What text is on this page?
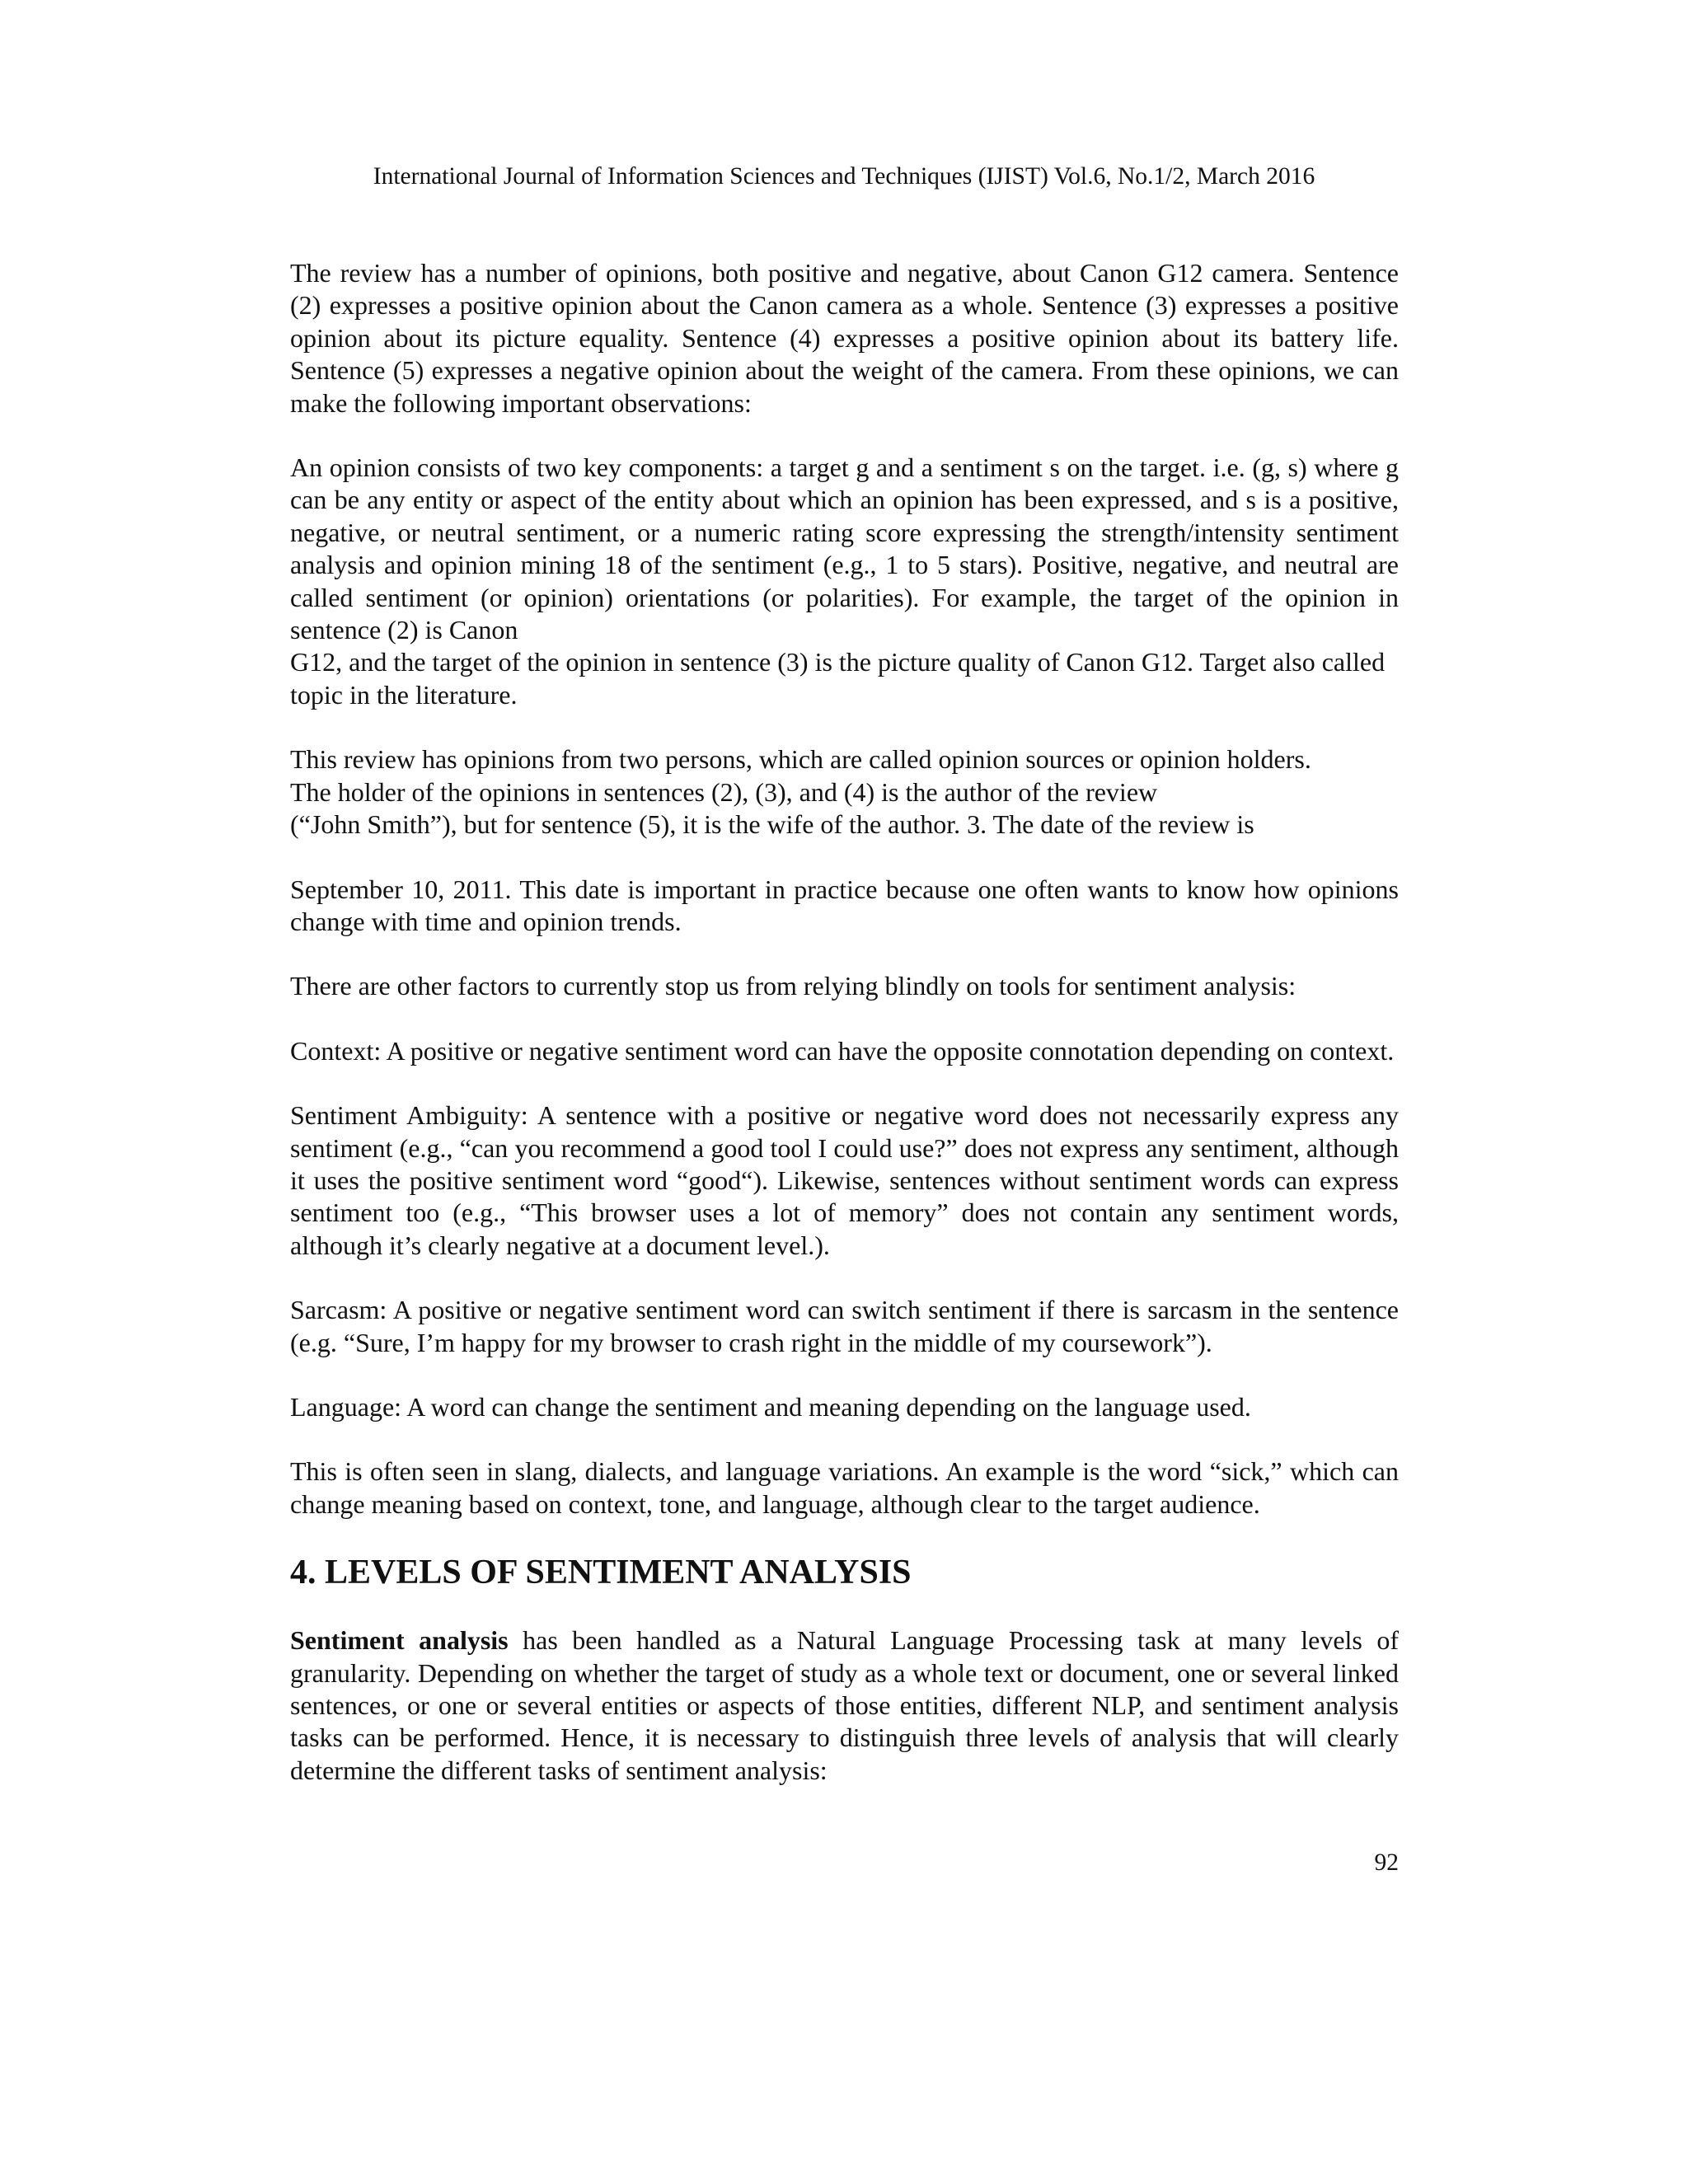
International Journal of Information Sciences and Techniques (IJIST) Vol.6, No.1/2, March 2016

The review has a number of opinions, both positive and negative, about Canon G12 camera. Sentence (2) expresses a positive opinion about the Canon camera as a whole. Sentence (3) expresses a positive opinion about its picture equality. Sentence (4) expresses a positive opinion about its battery life. Sentence (5) expresses a negative opinion about the weight of the camera. From these opinions, we can make the following important observations:

An opinion consists of two key components: a target g and a sentiment s on the target. i.e. (g, s) where g can be any entity or aspect of the entity about which an opinion has been expressed, and s is a positive, negative, or neutral sentiment, or a numeric rating score expressing the strength/intensity sentiment analysis and opinion mining 18 of the sentiment (e.g., 1 to 5 stars). Positive, negative, and neutral are called sentiment (or opinion) orientations (or polarities). For example, the target of the opinion in sentence (2) is Canon

G12, and the target of the opinion in sentence (3) is the picture quality of Canon G12. Target also called topic in the literature.

This review has opinions from two persons, which are called opinion sources or opinion holders.
The holder of the opinions in sentences (2), (3), and (4) is the author of the review
(“John Smith”), but for sentence (5), it is the wife of the author. 3. The date of the review is

September 10, 2011. This date is important in practice because one often wants to know how opinions change with time and opinion trends.

There are other factors to currently stop us from relying blindly on tools for sentiment analysis:

Context: A positive or negative sentiment word can have the opposite connotation depending on context.

Sentiment Ambiguity: A sentence with a positive or negative word does not necessarily express any sentiment (e.g., “can you recommend a good tool I could use?” does not express any sentiment, although it uses the positive sentiment word “good“). Likewise, sentences without sentiment words can express sentiment too (e.g., “This browser uses a lot of memory” does not contain any sentiment words, although it’s clearly negative at a document level.).

Sarcasm: A positive or negative sentiment word can switch sentiment if there is sarcasm in the sentence (e.g. “Sure, I’m happy for my browser to crash right in the middle of my coursework”).

Language: A word can change the sentiment and meaning depending on the language used.

This is often seen in slang, dialects, and language variations. An example is the word “sick,” which can change meaning based on context, tone, and language, although clear to the target audience.

4. LEVELS OF SENTIMENT ANALYSIS

Sentiment analysis has been handled as a Natural Language Processing task at many levels of granularity. Depending on whether the target of study as a whole text or document, one or several linked sentences, or one or several entities or aspects of those entities, different NLP, and sentiment analysis tasks can be performed. Hence, it is necessary to distinguish three levels of analysis that will clearly determine the different tasks of sentiment analysis:

92
